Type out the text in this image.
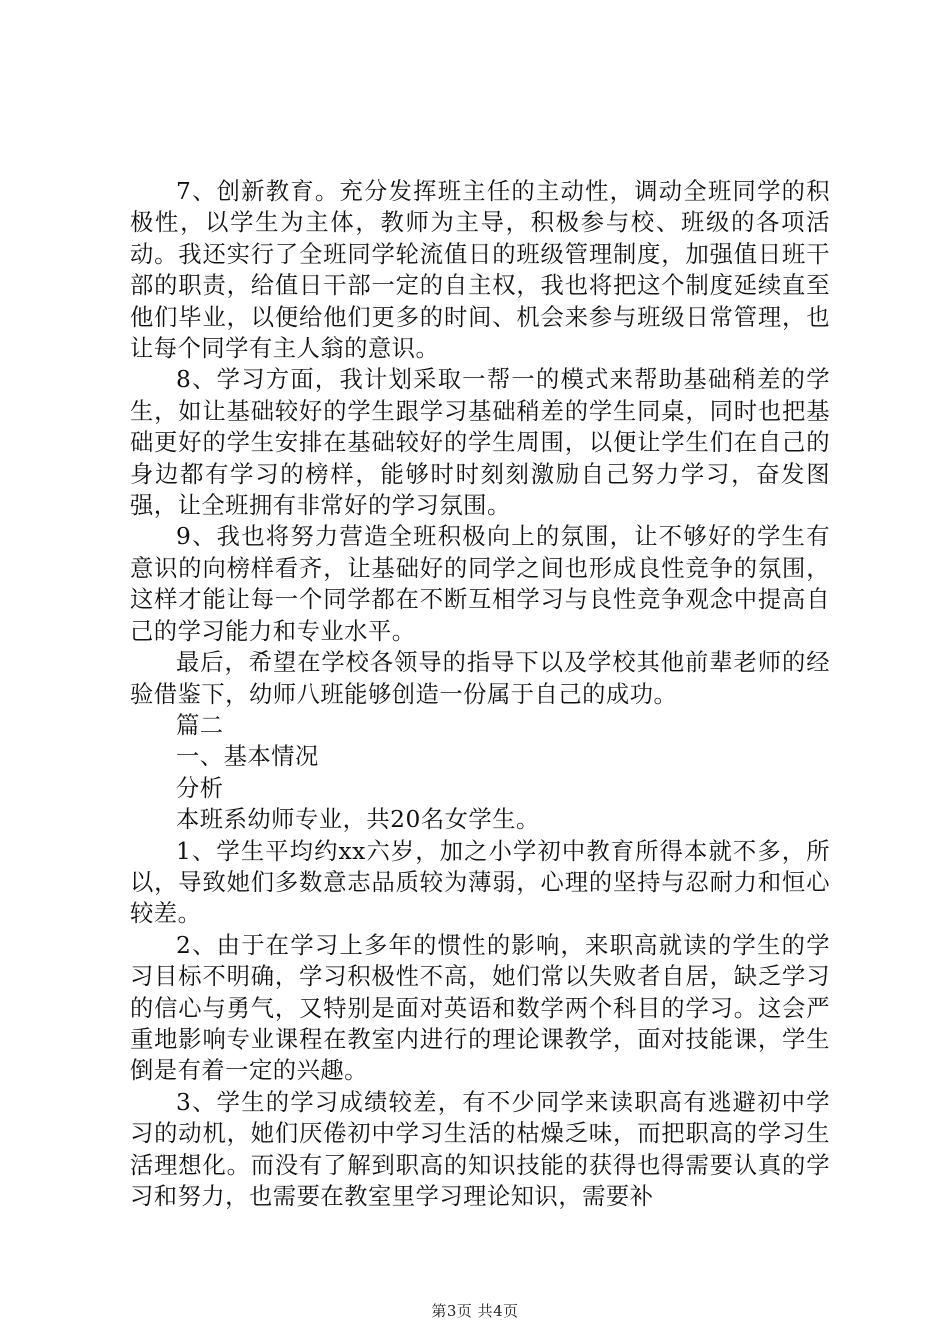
7、创新教育。充分发挥班主任的主动性，调动全班同学的积极性，以学生为主体，教师为主导，积极参与校、班级的各项活动。我还实行了全班同学轮流值日的班级管理制度，加强值日班干部的职责，给值日干部一定的自主权，我也将把这个制度延续直至他们毕业，以便给他们更多的时间、机会来参与班级日常管理，也让每个同学有主人翁的意识。

8、学习方面，我计划采取一帮一的模式来帮助基础稍差的学生，如让基础较好的学生跟学习基础稍差的学生同桌，同时也把基础更好的学生安排在基础较好的学生周围，以便让学生们在自己的身边都有学习的榜样，能够时时刻刻激励自己努力学习，奋发图强，让全班拥有非常好的学习氛围。

9、我也将努力营造全班积极向上的氛围，让不够好的学生有意识的向榜样看齐，让基础好的同学之间也形成良性竞争的氛围，这样才能让每一个同学都在不断互相学习与良性竞争观念中提高自己的学习能力和专业水平。

最后，希望在学校各领导的指导下以及学校其他前辈老师的经验借鉴下，幼师八班能够创造一份属于自己的成功。

篇二

一、基本情况

分析

本班系幼师专业，共20名女学生。

1、学生平均约xx六岁，加之小学初中教育所得本就不多，所以，导致她们多数意志品质较为薄弱，心理的坚持与忍耐力和恒心较差。

2、由于在学习上多年的惯性的影响，来职高就读的学生的学习目标不明确，学习积极性不高，她们常以失败者自居，缺乏学习的信心与勇气，又特别是面对英语和数学两个科目的学习。这会严重地影响专业课程在教室内进行的理论课教学，面对技能课，学生倒是有着一定的兴趣。

3、学生的学习成绩较差，有不少同学来读职高有逃避初中学习的动机，她们厌倦初中学习生活的枯燥乏味，而把职高的学习生活理想化。而没有了解到职高的知识技能的获得也得需要认真的学习和努力，也需要在教室里学习理论知识，需要补

第3页 共4页
